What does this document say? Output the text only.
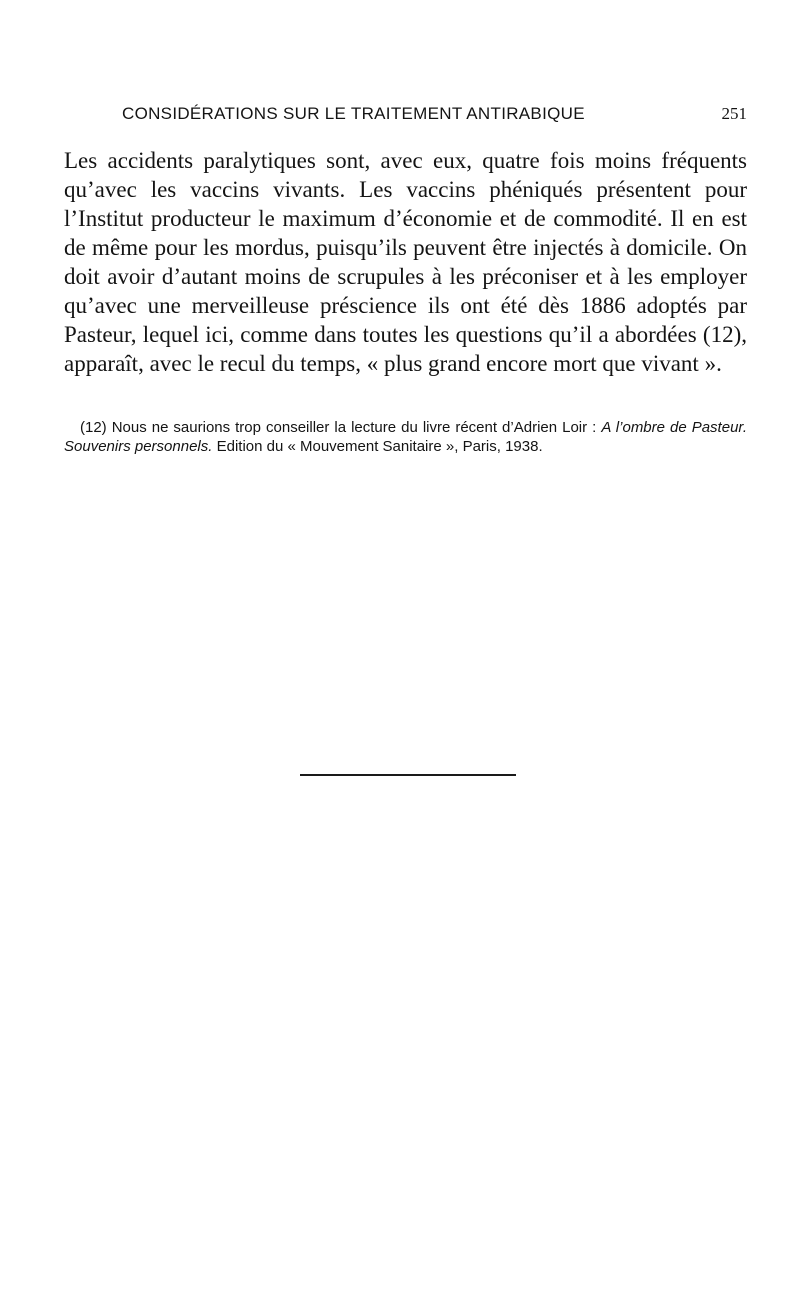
CONSIDÉRATIONS SUR LE TRAITEMENT ANTIRABIQUE	251

Les accidents paralytiques sont, avec eux, quatre fois moins fréquents qu’avec les vaccins vivants. Les vaccins phéniqués présentent pour l’Institut producteur le maximum d’économie et de commodité. Il en est de même pour les mordus, puisqu’ils peuvent être injectés à domicile. On doit avoir d’autant moins de scrupules à les préconiser et à les employer qu’avec une merveilleuse préscience ils ont été dès 1886 adoptés par Pasteur, lequel ici, comme dans toutes les questions qu’il a abordées (12), apparaît, avec le recul du temps, « plus grand encore mort que vivant ».

(12) Nous ne saurions trop conseiller la lecture du livre récent d’Adrien Loir : A l’ombre de Pasteur. Souvenirs personnels. Edition du « Mouvement Sanitaire », Paris, 1938.
